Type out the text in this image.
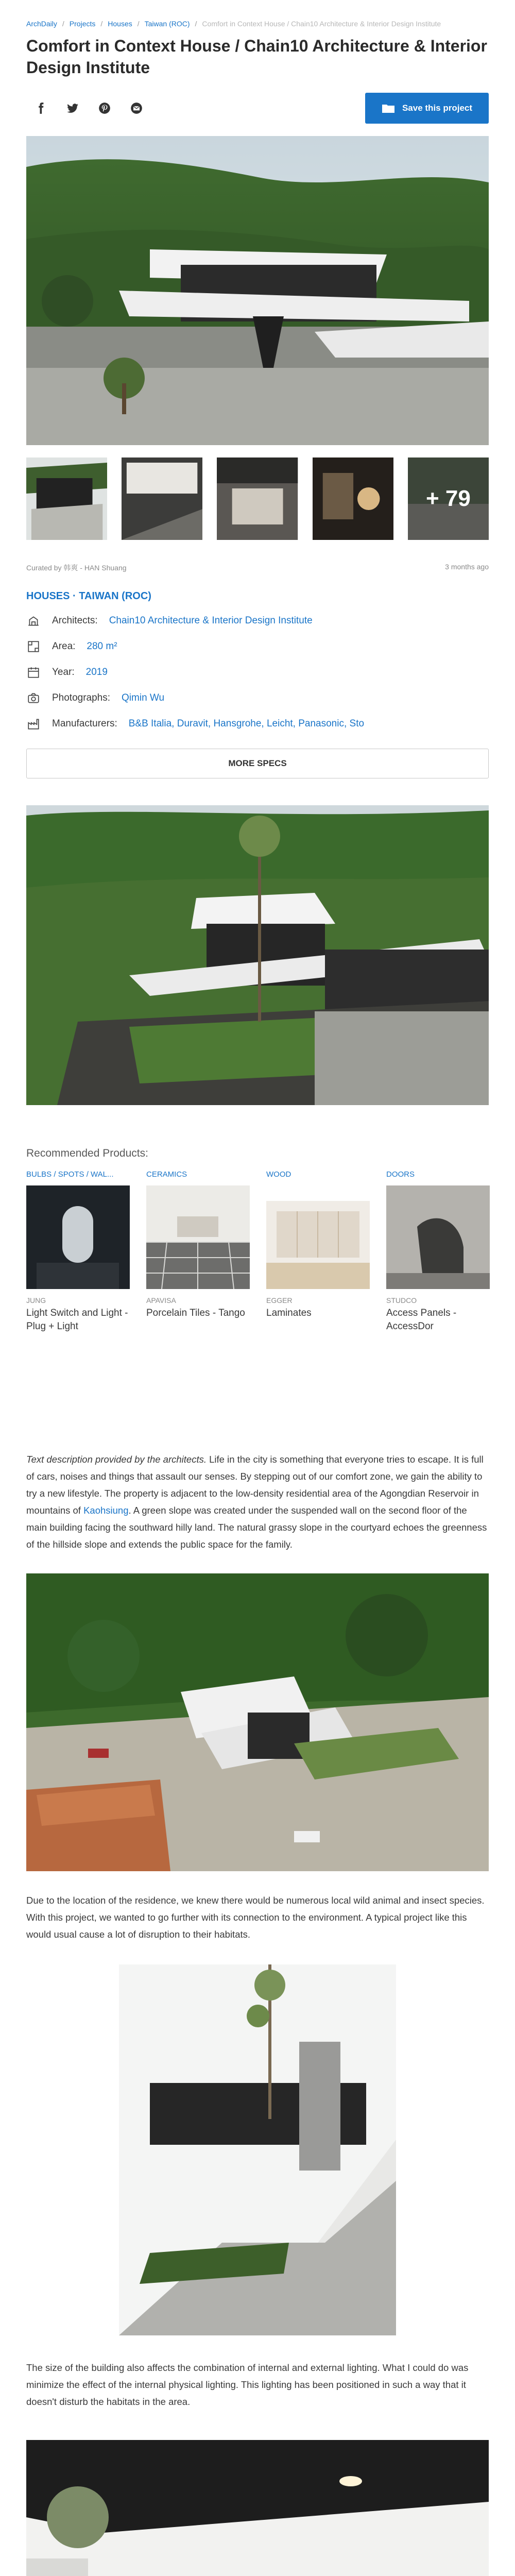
ArchDaily / Projects / Houses / Taiwan (ROC) / Comfort in Context House / Chain10 Architecture & Interior Design Institute
Comfort in Context House / Chain10 Architecture & Interior Design Institute
Save this project
+ 79
Curated by 韩爽 - HAN Shuang	3 months ago
HOUSES · TAIWAN (ROC)
Architects: Chain10 Architecture & Interior Design Institute
Area: 280 m²
Year: 2019
Photographs: Qimin Wu
Manufacturers: B&B Italia, Duravit, Hansgrohe, Leicht, Panasonic, Sto
MORE SPECS
Recommended Products:
BULBS / SPOTS / WAL...
JUNG
Light Switch and Light - Plug + Light
CERAMICS
APAVISA
Porcelain Tiles - Tango
WOOD
EGGER
Laminates
DOORS
STUDCO
Access Panels - AccessDor

Text description provided by the architects. Life in the city is something that everyone tries to escape. It is full of cars, noises and things that assault our senses. By stepping out of our comfort zone, we gain the ability to try a new lifestyle. The property is adjacent to the low-density residential area of the Agongdian Reservoir in mountains of Kaohsiung. A green slope was created under the suspended wall on the second floor of the main building facing the southward hilly land. The natural grassy slope in the courtyard echoes the greenness of the hillside slope and extends the public space for the family.

Due to the location of the residence, we knew there would be numerous local wild animal and insect species. With this project, we wanted to go further with its connection to the environment. A typical project like this would usual cause a lot of disruption to their habitats.

The size of the building also affects the combination of internal and external lighting. What I could do was minimize the effect of the internal physical lighting. This lighting has been positioned in such a way that it doesn't disturb the habitats in the area.
